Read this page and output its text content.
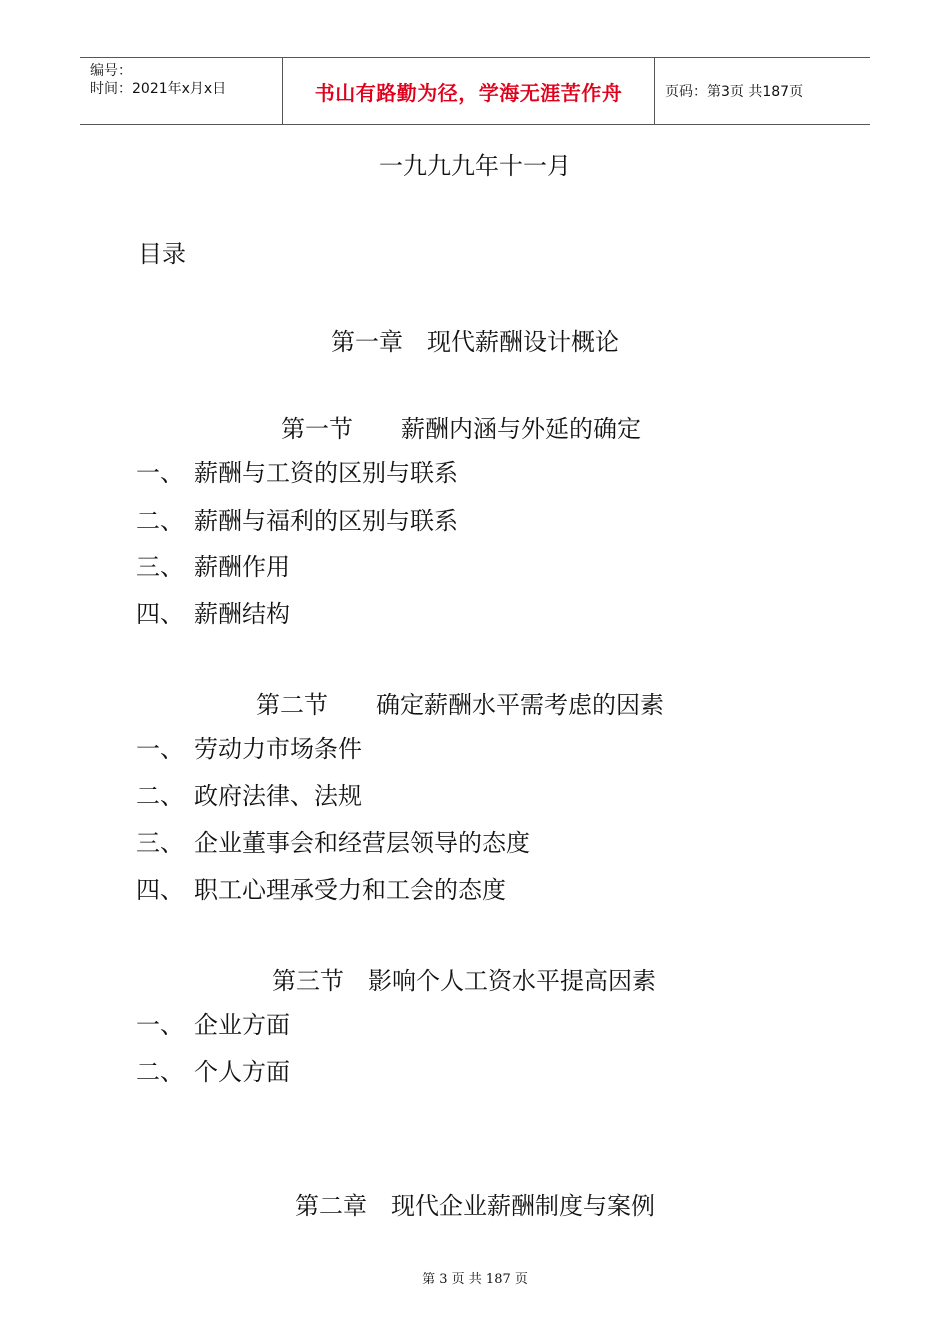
编号：
时间：2021年x月x日	书山有路勤为径，学海无涯苦作舟	页码：第3页 共187页
一九九九年十一月
目录
第一章　现代薪酬设计概论
第一节　　薪酬内涵与外延的确定
一、 薪酬与工资的区别与联系
二、 薪酬与福利的区别与联系
三、 薪酬作用
四、 薪酬结构
第二节　　确定薪酬水平需考虑的因素
一、 劳动力市场条件
二、 政府法律、法规
三、 企业董事会和经营层领导的态度
四、 职工心理承受力和工会的态度
第三节　影响个人工资水平提高因素
一、 企业方面
二、 个人方面
第二章　现代企业薪酬制度与案例
第 3 页 共 187 页
